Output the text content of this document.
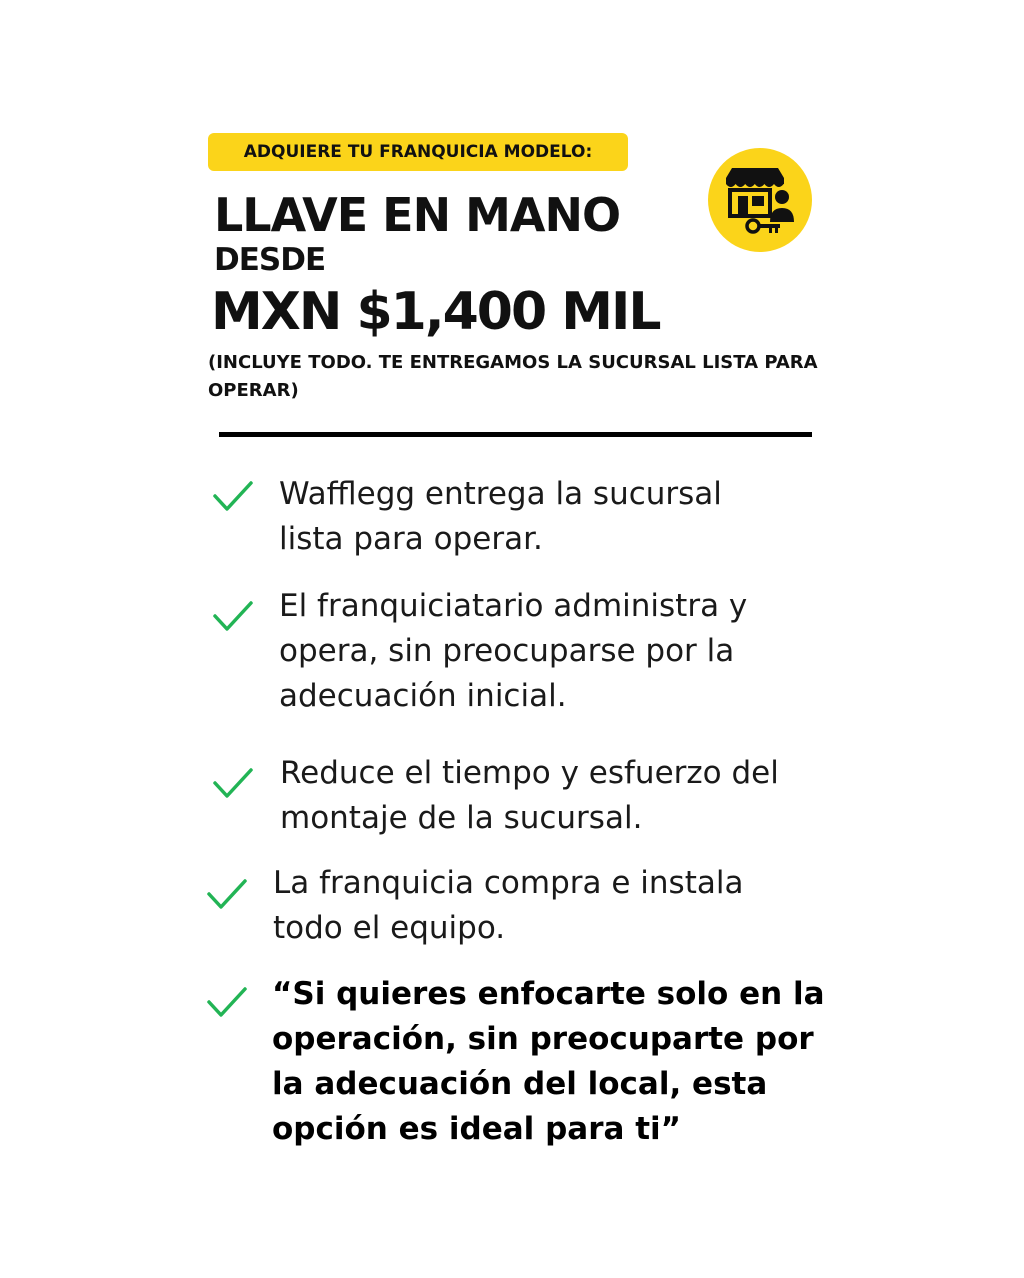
ADQUIERE TU FRANQUICIA MODELO:
LLAVE EN MANO
DESDE
MXN $1,400 MIL
(INCLUYE TODO. TE ENTREGAMOS LA SUCURSAL LISTA PARA OPERAR)
Wafflegg entrega la sucursal
lista para operar.
El franquiciatario administra y
opera, sin preocuparse por la
adecuación inicial.
Reduce el tiempo y esfuerzo del
montaje de la sucursal.
La franquicia compra e instala
todo el equipo.
“Si quieres enfocarte solo en la
operación, sin preocuparte por
la adecuación del local, esta
opción es ideal para ti”
